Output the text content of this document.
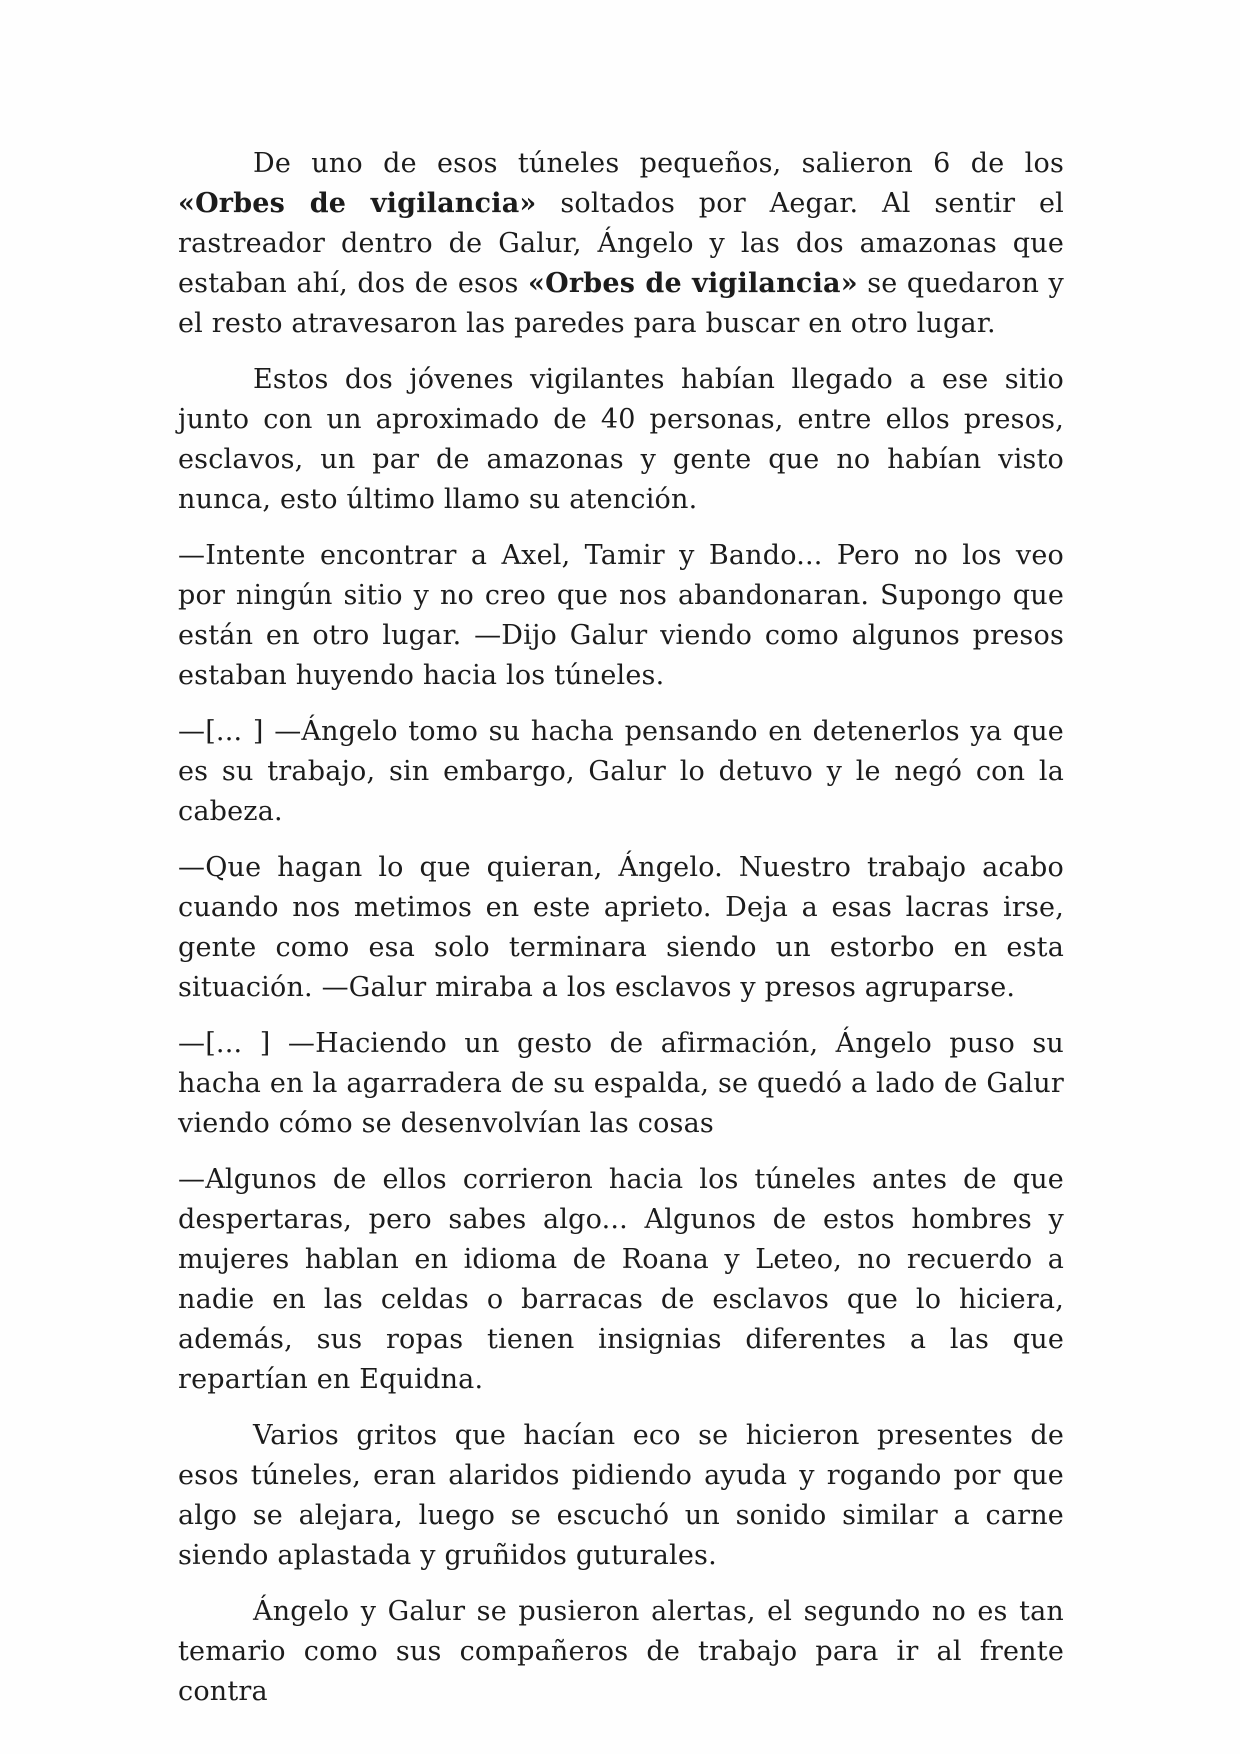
De uno de esos túneles pequeños, salieron 6 de los «Orbes de vigilancia» soltados por Aegar. Al sentir el rastreador dentro de Galur, Ángelo y las dos amazonas que estaban ahí, dos de esos «Orbes de vigilancia» se quedaron y el resto atravesaron las paredes para buscar en otro lugar.

Estos dos jóvenes vigilantes habían llegado a ese sitio junto con un aproximado de 40 personas, entre ellos presos, esclavos, un par de amazonas y gente que no habían visto nunca, esto último llamo su atención.

—Intente encontrar a Axel, Tamir y Bando... Pero no los veo por ningún sitio y no creo que nos abandonaran. Supongo que están en otro lugar. —Dijo Galur viendo como algunos presos estaban huyendo hacia los túneles.

—[... ] —Ángelo tomo su hacha pensando en detenerlos ya que es su trabajo, sin embargo, Galur lo detuvo y le negó con la cabeza.

—Que hagan lo que quieran, Ángelo. Nuestro trabajo acabo cuando nos metimos en este aprieto. Deja a esas lacras irse, gente como esa solo terminara siendo un estorbo en esta situación. —Galur miraba a los esclavos y presos agruparse.

—[... ] —Haciendo un gesto de afirmación, Ángelo puso su hacha en la agarradera de su espalda, se quedó a lado de Galur viendo cómo se desenvolvían las cosas

—Algunos de ellos corrieron hacia los túneles antes de que despertaras, pero sabes algo... Algunos de estos hombres y mujeres hablan en idioma de Roana y Leteo, no recuerdo a nadie en las celdas o barracas de esclavos que lo hiciera, además, sus ropas tienen insignias diferentes a las que repartían en Equidna.

Varios gritos que hacían eco se hicieron presentes de esos túneles, eran alaridos pidiendo ayuda y rogando por que algo se alejara, luego se escuchó un sonido similar a carne siendo aplastada y gruñidos guturales.

Ángelo y Galur se pusieron alertas, el segundo no es tan temario como sus compañeros de trabajo para ir al frente contra
